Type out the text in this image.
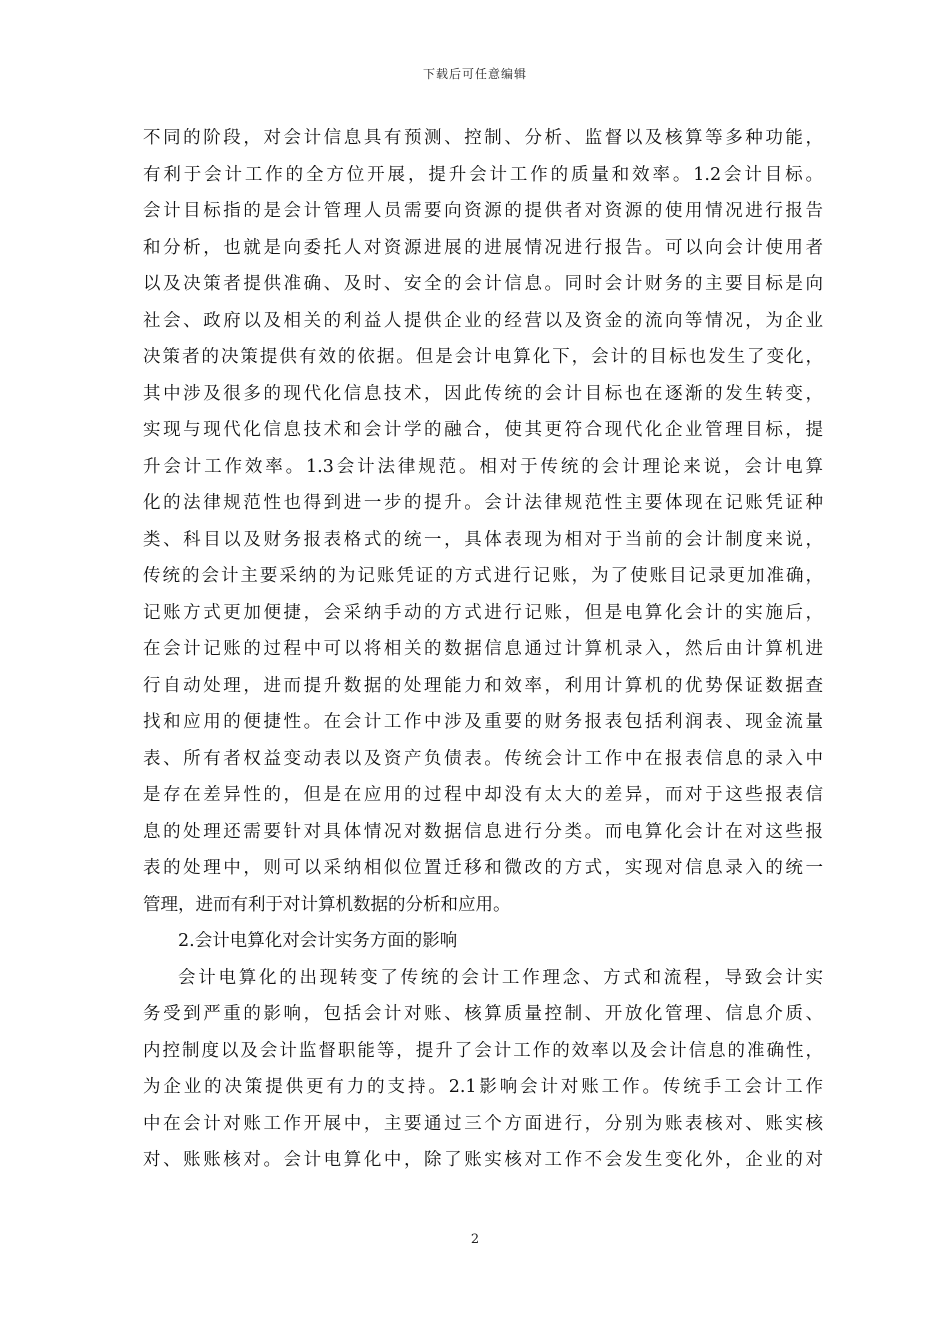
下载后可任意编辑
不同的阶段，对会计信息具有预测、控制、分析、监督以及核算等多种功能，
有利于会计工作的全方位开展，提升会计工作的质量和效率。1.2会计目标。
会计目标指的是会计管理人员需要向资源的提供者对资源的使用情况进行报告
和分析，也就是向委托人对资源进展的进展情况进行报告。可以向会计使用者
以及决策者提供准确、及时、安全的会计信息。同时会计财务的主要目标是向
社会、政府以及相关的利益人提供企业的经营以及资金的流向等情况，为企业
决策者的决策提供有效的依据。但是会计电算化下，会计的目标也发生了变化，
其中涉及很多的现代化信息技术，因此传统的会计目标也在逐渐的发生转变，
实现与现代化信息技术和会计学的融合，使其更符合现代化企业管理目标，提
升会计工作效率。1.3会计法律规范。相对于传统的会计理论来说，会计电算
化的法律规范性也得到进一步的提升。会计法律规范性主要体现在记账凭证种
类、科目以及财务报表格式的统一，具体表现为相对于当前的会计制度来说，
传统的会计主要采纳的为记账凭证的方式进行记账，为了使账目记录更加准确，
记账方式更加便捷，会采纳手动的方式进行记账，但是电算化会计的实施后，
在会计记账的过程中可以将相关的数据信息通过计算机录入，然后由计算机进
行自动处理，进而提升数据的处理能力和效率，利用计算机的优势保证数据查
找和应用的便捷性。在会计工作中涉及重要的财务报表包括利润表、现金流量
表、所有者权益变动表以及资产负债表。传统会计工作中在报表信息的录入中
是存在差异性的，但是在应用的过程中却没有太大的差异，而对于这些报表信
息的处理还需要针对具体情况对数据信息进行分类。而电算化会计在对这些报
表的处理中，则可以采纳相似位置迁移和微改的方式，实现对信息录入的统一
管理，进而有利于对计算机数据的分析和应用。
2.会计电算化对会计实务方面的影响
会计电算化的出现转变了传统的会计工作理念、方式和流程，导致会计实
务受到严重的影响，包括会计对账、核算质量控制、开放化管理、信息介质、
内控制度以及会计监督职能等，提升了会计工作的效率以及会计信息的准确性，
为企业的决策提供更有力的支持。2.1影响会计对账工作。传统手工会计工作
中在会计对账工作开展中，主要通过三个方面进行，分别为账表核对、账实核
对、账账核对。会计电算化中，除了账实核对工作不会发生变化外，企业的对
2
